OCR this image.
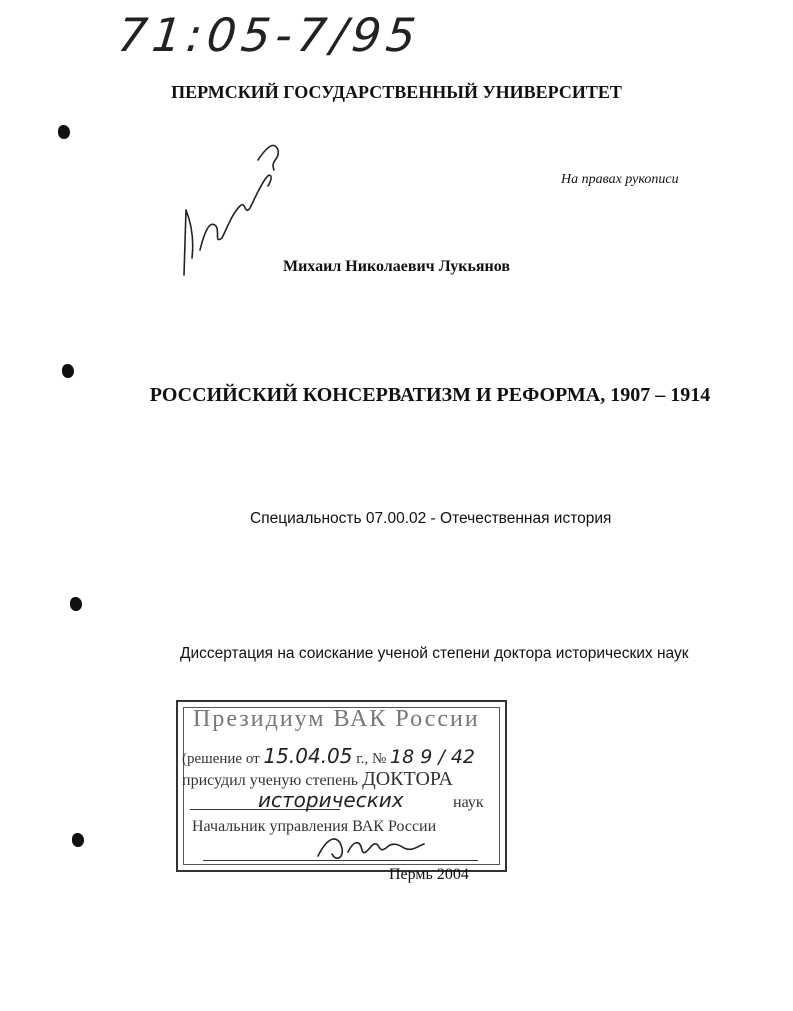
71:05-7/95
ПЕРМСКИЙ ГОСУДАРСТВЕННЫЙ УНИВЕРСИТЕТ
На правах рукописи
Михаил Николаевич Лукьянов
РОССИЙСКИЙ КОНСЕРВАТИЗМ И РЕФОРМА, 1907 – 1914
Специальность 07.00.02 - Отечественная история
Диссертация на соискание ученой степени доктора исторических наук
Президиум ВАК России
(решение от 15.04.05 г., № 18 9 / 42
присудил ученую степень ДОКТОРА
исторических	наук
Начальник управления ВАК России
Пермь 2004
